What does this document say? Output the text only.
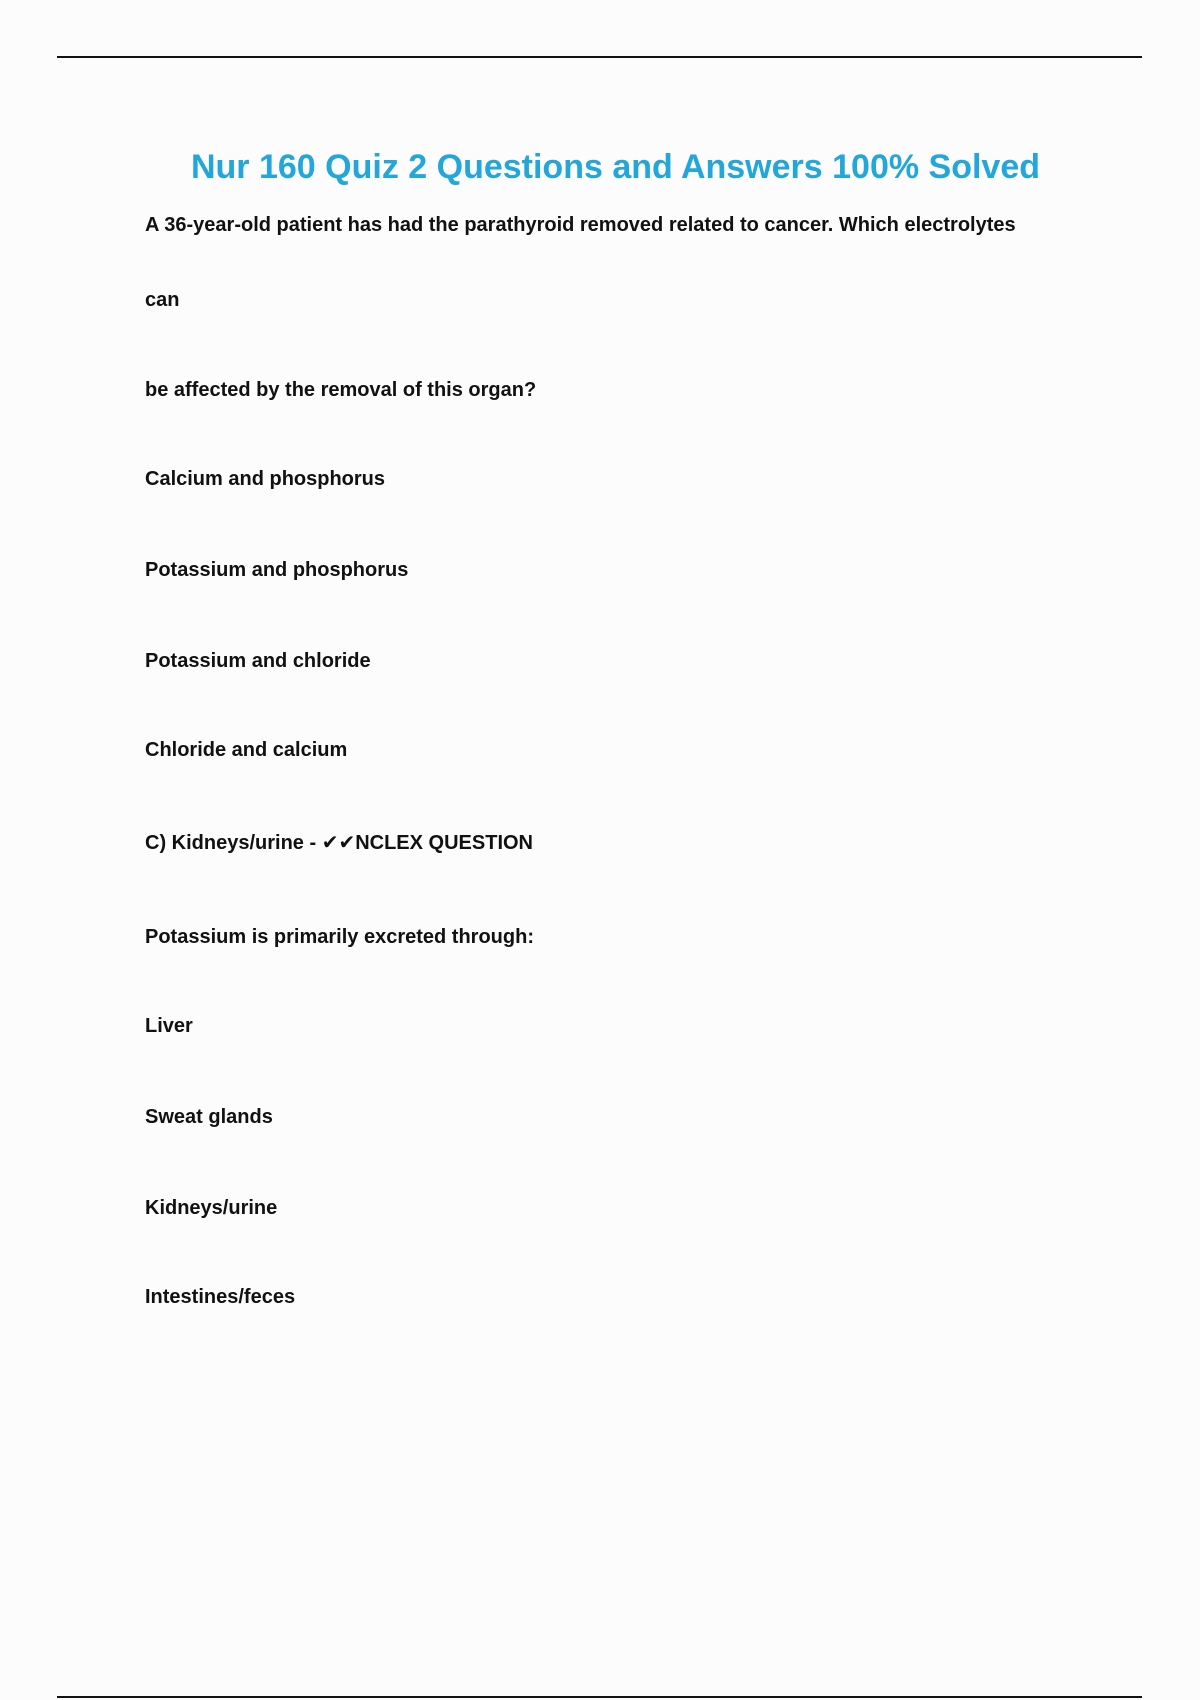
Nur 160 Quiz 2 Questions and Answers 100% Solved

A 36-year-old patient has had the parathyroid removed related to cancer. Which electrolytes

can

be affected by the removal of this organ?

Calcium and phosphorus

Potassium and phosphorus

Potassium and chloride

Chloride and calcium

C) Kidneys/urine - ✔✔NCLEX QUESTION

Potassium is primarily excreted through:

Liver

Sweat glands

Kidneys/urine

Intestines/feces
